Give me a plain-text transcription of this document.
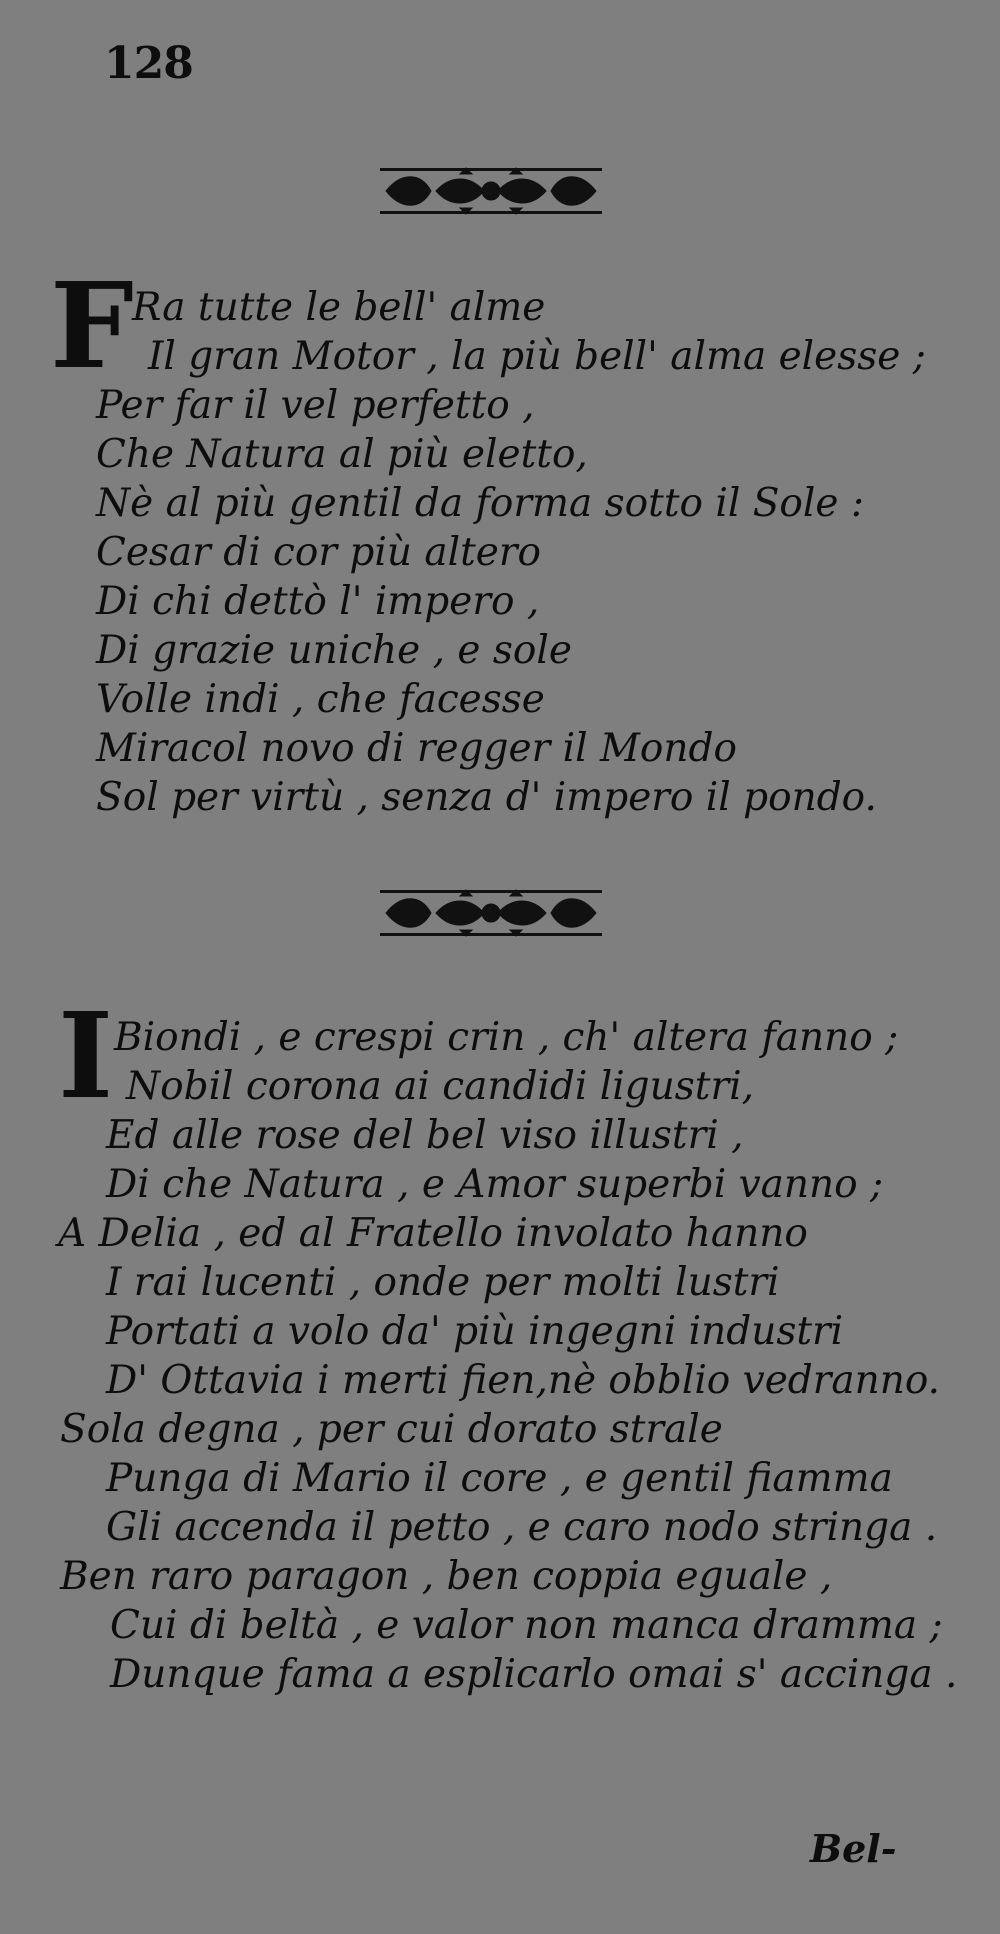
128
F
Ra tutte le bell' alme
Il gran Motor , la più bell' alma elesse ;
Per far il vel perfetto ,
Che Natura al più eletto,
Nè al più gentil da forma sotto il Sole :
Cesar di cor più altero
Di chi dettò l' impero ,
Di grazie uniche , e sole
Volle indi , che facesse
Miracol novo di regger il Mondo
Sol per virtù , senza d' impero il pondo.
I Biondi , e crespi crin , ch' altera fanno ;
Nobil corona ai candidi ligustri,
Ed alle rose del bel viso illustri ,
Di che Natura , e Amor superbi vanno ;
A Delia , ed al Fratello involato hanno
I rai lucenti , onde per molti lustri
Portati a volo da' più ingegni industri
D' Ottavia i merti fien,nè obblio vedranno.
Sola degna , per cui dorato strale
Punga di Mario il core , e gentil fiamma
Gli accenda il petto , e caro nodo stringa .
Ben raro paragon , ben coppia eguale ,
Cui di beltà , e valor non manca dramma ;
Dunque fama a esplicarlo omai s' accinga .
Bel-
